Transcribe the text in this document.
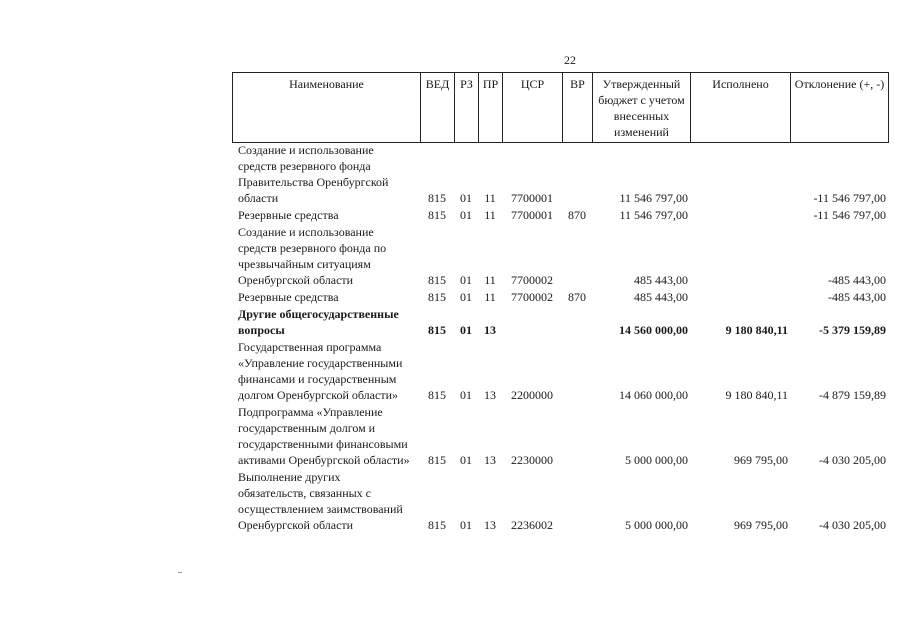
22
Наименование	ВЕД	РЗ	ПР	ЦСР	ВР	Утвержденный бюджет с учетом внесенных изменений	Исполнено	Отклонение (+, -)
Создание и использование
средств резервного фонда
Правительства Оренбургской
области	815	01	11	7700001		11 546 797,00		-11 546 797,00

Резервные средства	815	01	11	7700001	870	11 546 797,00		-11 546 797,00

Создание и использование
средств резервного фонда по
чрезвычайным ситуациям
Оренбургской области	815	01	11	7700002		485 443,00		-485 443,00

Резервные средства	815	01	11	7700002	870	485 443,00		-485 443,00

Другие общегосударственные
вопросы	815	01	13			14 560 000,00	9 180 840,11	-5 379 159,89

Государственная программа
«Управление государственными
финансами и государственным
долгом Оренбургской области»	815	01	13	2200000		14 060 000,00	9 180 840,11	-4 879 159,89

Подпрограмма «Управление
государственным долгом и
государственными финансовыми
активами Оренбургской области»	815	01	13	2230000		5 000 000,00	969 795,00	-4 030 205,00

Выполнение других
обязательств, связанных с
осуществлением заимствований
Оренбургской области	815	01	13	2236002		5 000 000,00	969 795,00	-4 030 205,00
